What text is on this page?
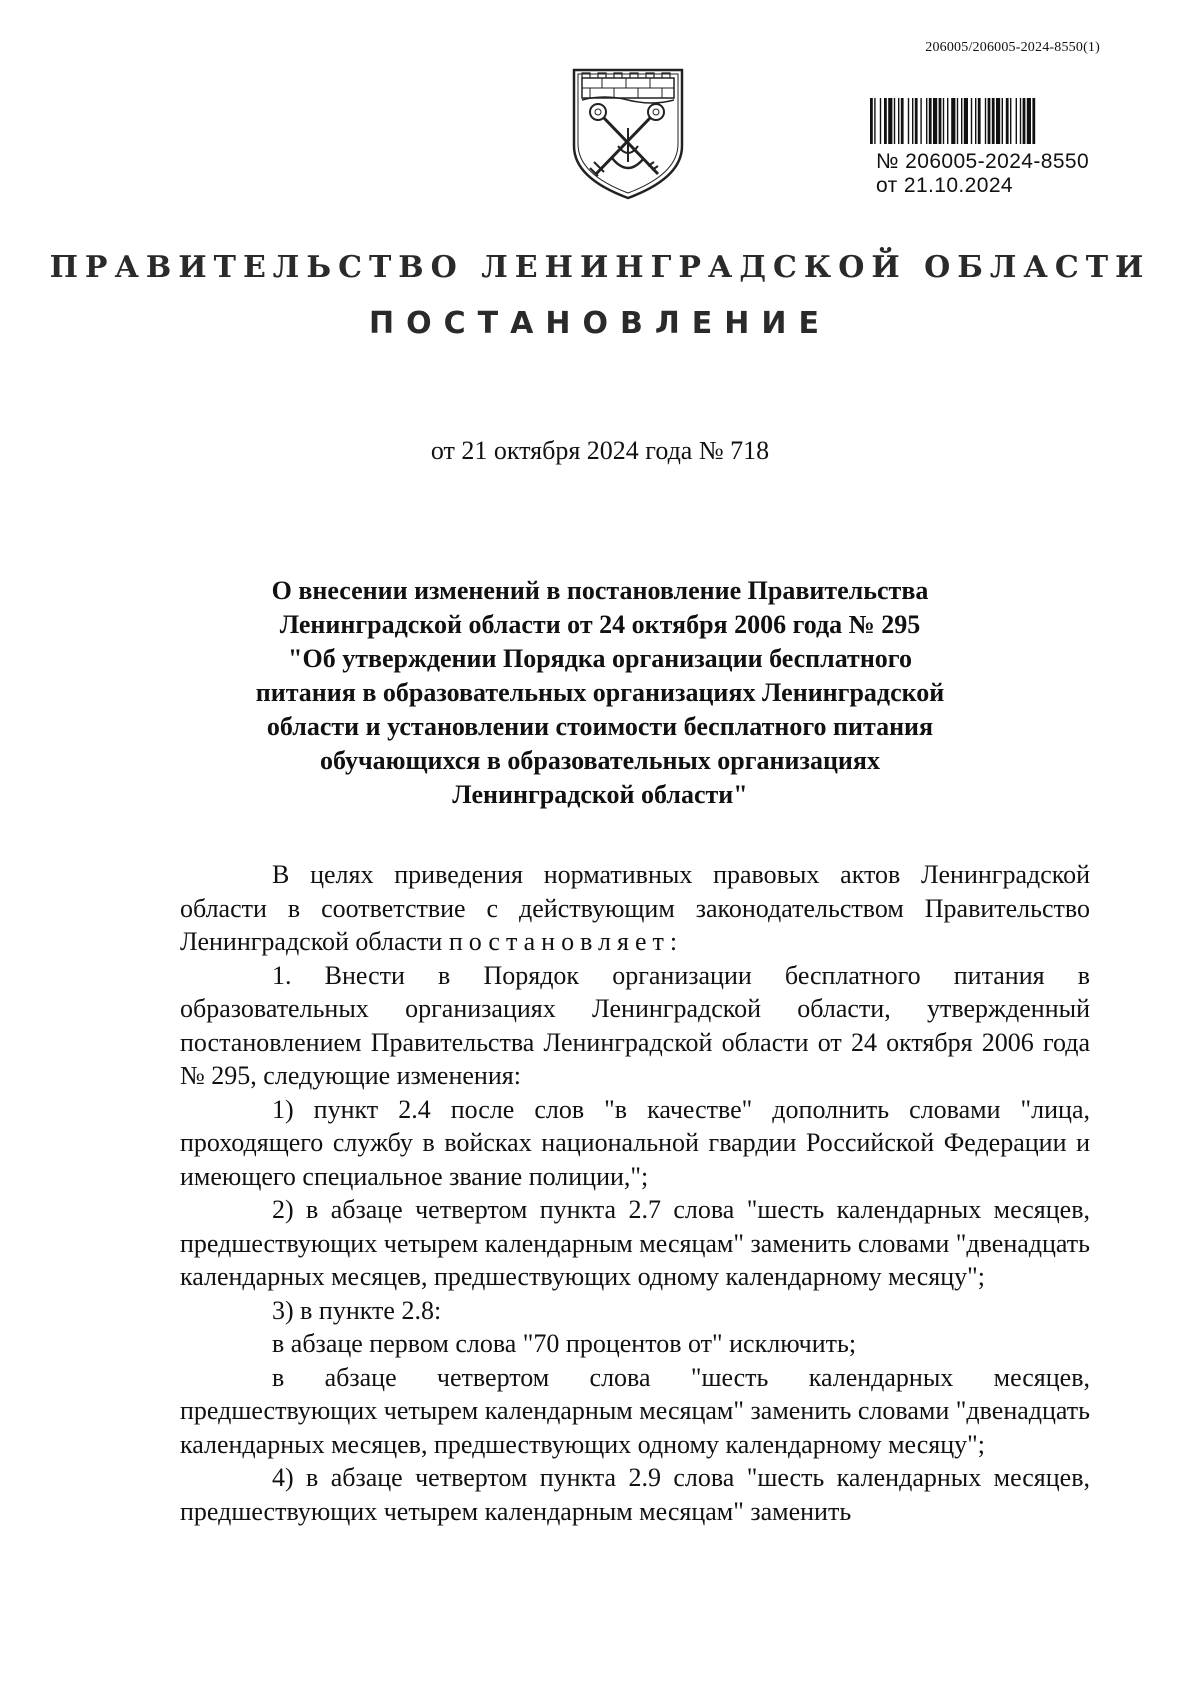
206005/206005-2024-8550(1)
№ 206005-2024-8550
от 21.10.2024
ПРАВИТЕЛЬСТВО ЛЕНИНГРАДСКОЙ ОБЛАСТИ
ПОСТАНОВЛЕНИЕ
от 21 октября 2024 года № 718
О внесении изменений в постановление Правительства
Ленинградской области от 24 октября 2006 года № 295
"Об утверждении Порядка организации бесплатного
питания в образовательных организациях Ленинградской
области и установлении стоимости бесплатного питания
обучающихся в образовательных организациях
Ленинградской области"

В целях приведения нормативных правовых актов Ленинградской области в соответствие с действующим законодательством Правительство Ленинградской области постановляет:

1. Внести в Порядок организации бесплатного питания в образовательных организациях Ленинградской области, утвержденный постановлением Правительства Ленинградской области от 24 октября 2006 года № 295, следующие изменения:

1) пункт 2.4 после слов "в качестве" дополнить словами "лица, проходящего службу в войсках национальной гвардии Российской Федерации и имеющего специальное звание полиции,";

2) в абзаце четвертом пункта 2.7 слова "шесть календарных месяцев, предшествующих четырем календарным месяцам" заменить словами "двенадцать календарных месяцев, предшествующих одному календарному месяцу";

3) в пункте 2.8:

в абзаце первом слова "70 процентов от" исключить;

в абзаце четвертом слова "шесть календарных месяцев, предшествующих четырем календарным месяцам" заменить словами "двенадцать календарных месяцев, предшествующих одному календарному месяцу";

4) в абзаце четвертом пункта 2.9 слова "шесть календарных месяцев, предшествующих четырем календарным месяцам" заменить
